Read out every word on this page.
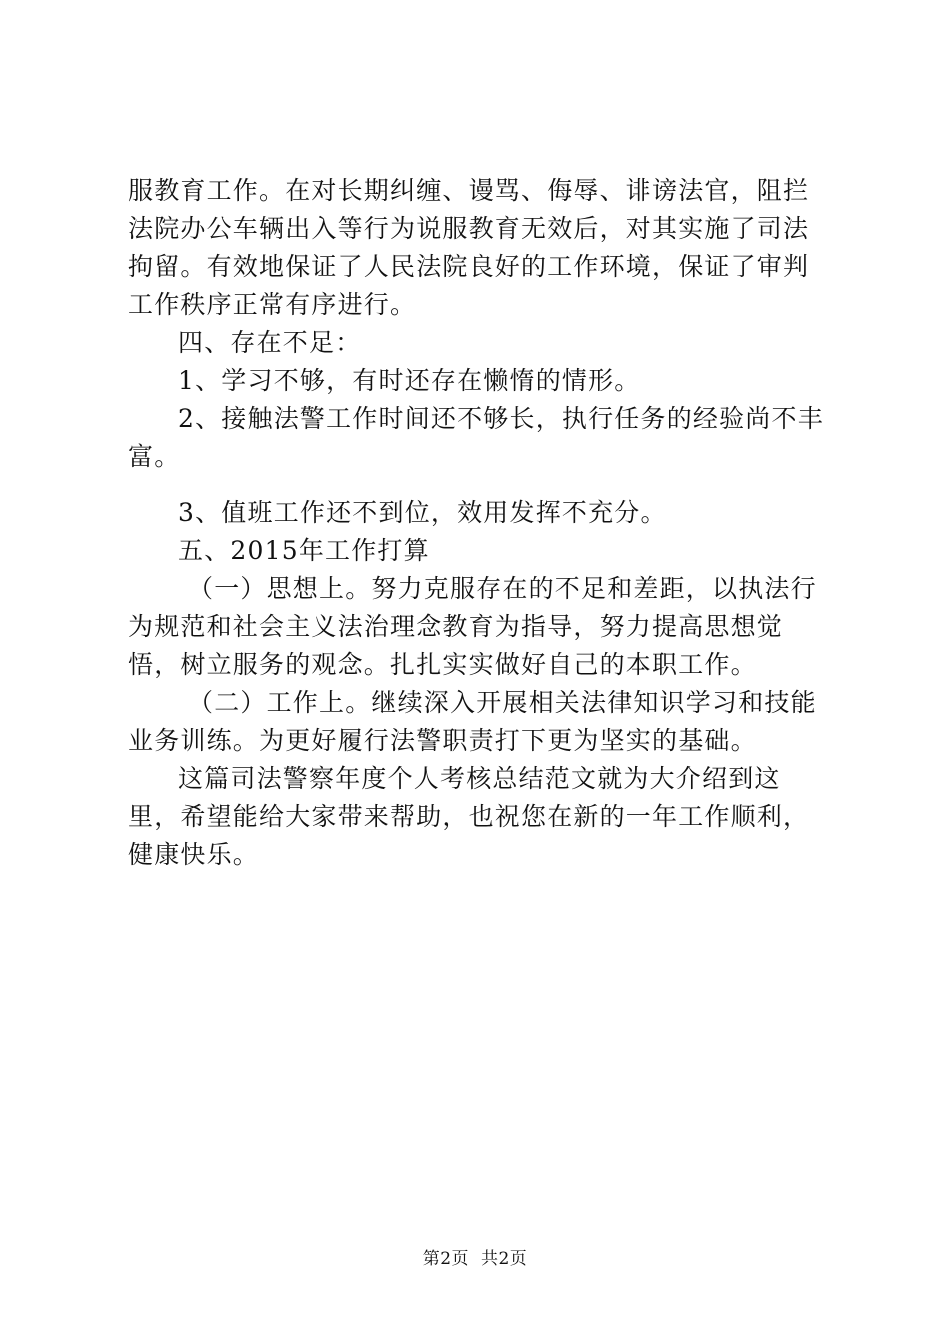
服教育工作。在对长期纠缠、谩骂、侮辱、诽谤法官，阻拦法院办公车辆出入等行为说服教育无效后，对其实施了司法拘留。有效地保证了人民法院良好的工作环境，保证了审判工作秩序正常有序进行。

四、存在不足：

1、学习不够，有时还存在懒惰的情形。

2、接触法警工作时间还不够长，执行任务的经验尚不丰富。

3、值班工作还不到位，效用发挥不充分。

五、2015年工作打算

（一）思想上。努力克服存在的不足和差距，以执法行为规范和社会主义法治理念教育为指导，努力提高思想觉悟，树立服务的观念。扎扎实实做好自己的本职工作。

（二）工作上。继续深入开展相关法律知识学习和技能业务训练。为更好履行法警职责打下更为坚实的基础。

这篇司法警察年度个人考核总结范文就为大介绍到这里，希望能给大家带来帮助，也祝您在新的一年工作顺利，健康快乐。

第2页 共2页
